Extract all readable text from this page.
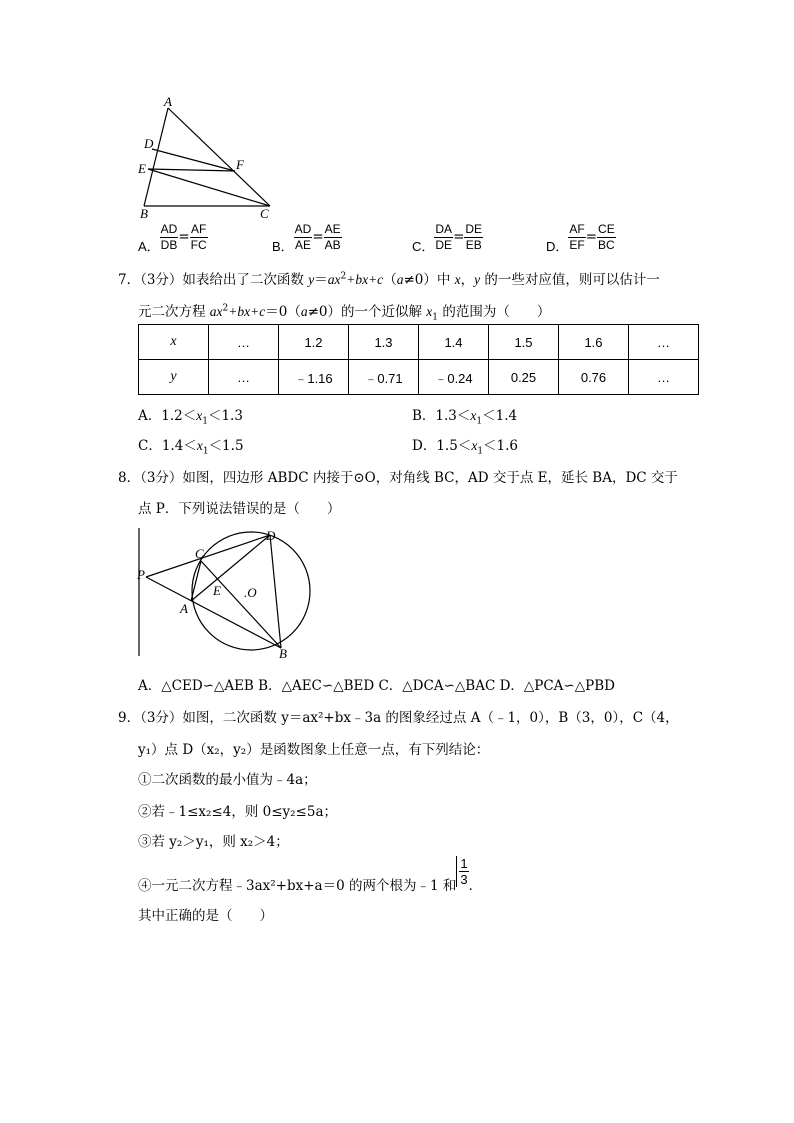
A
D
E	F
B	C
A． $\frac{AD}{DB} = \frac{AF}{FC}$	B． $\frac{AD}{AE} = \frac{AE}{AB}$	C． $\frac{DA}{DE} = \frac{DE}{EB}$	D． $\frac{AF}{EF} = \frac{CE}{BC}$
7．（3分）如表给出了二次函数 $y=ax^2+bx+c(a\ne 0)$中 x，y 的一些对应值，则可以估计一
元二次方程 $ax^2+bx+c=0(a\ne 0)$的一个近似解 $x_1$ 的范围为（　　）
x	…	1.2	1.3	1.4	1.5	1.6	…
y	…	﹣1.16	﹣0.71	﹣0.24	0.25	0.76	…
A．$1.2<x_1<1.3$	B．$1.3<x_1<1.4$
C．$1.4<x_1<1.5$	D．$1.5<x_1<1.6$
8．（3分）如图，四边形 ABDC 内接于⊙O，对角线 BC，AD 交于点 E，延长 BA，DC 交于
点 P．下列说法错误的是（　　）
P
C
D
E .O
A
B
A．△CED∽△AEB B．△AEC∽△BED C．△DCA∽△BAC D．△PCA∽△PBD
9．（3分）如图，二次函数 y＝ax²+bx﹣3a 的图象经过点 A（﹣1，0），B（3，0），C（4，
y₁）点 D（x₂，y₂）是函数图象上任意一点，有下列结论：
①二次函数的最小值为﹣4a；
②若﹣1≤x₂≤4，则 0≤y₂≤5a；
③若 y₂＞y₁，则 x₂＞4；
④一元二次方程﹣3ax²+bx+a＝0 的两个根为﹣1 和 $\frac{1}{3}$ ．
其中正确的是（　　）
